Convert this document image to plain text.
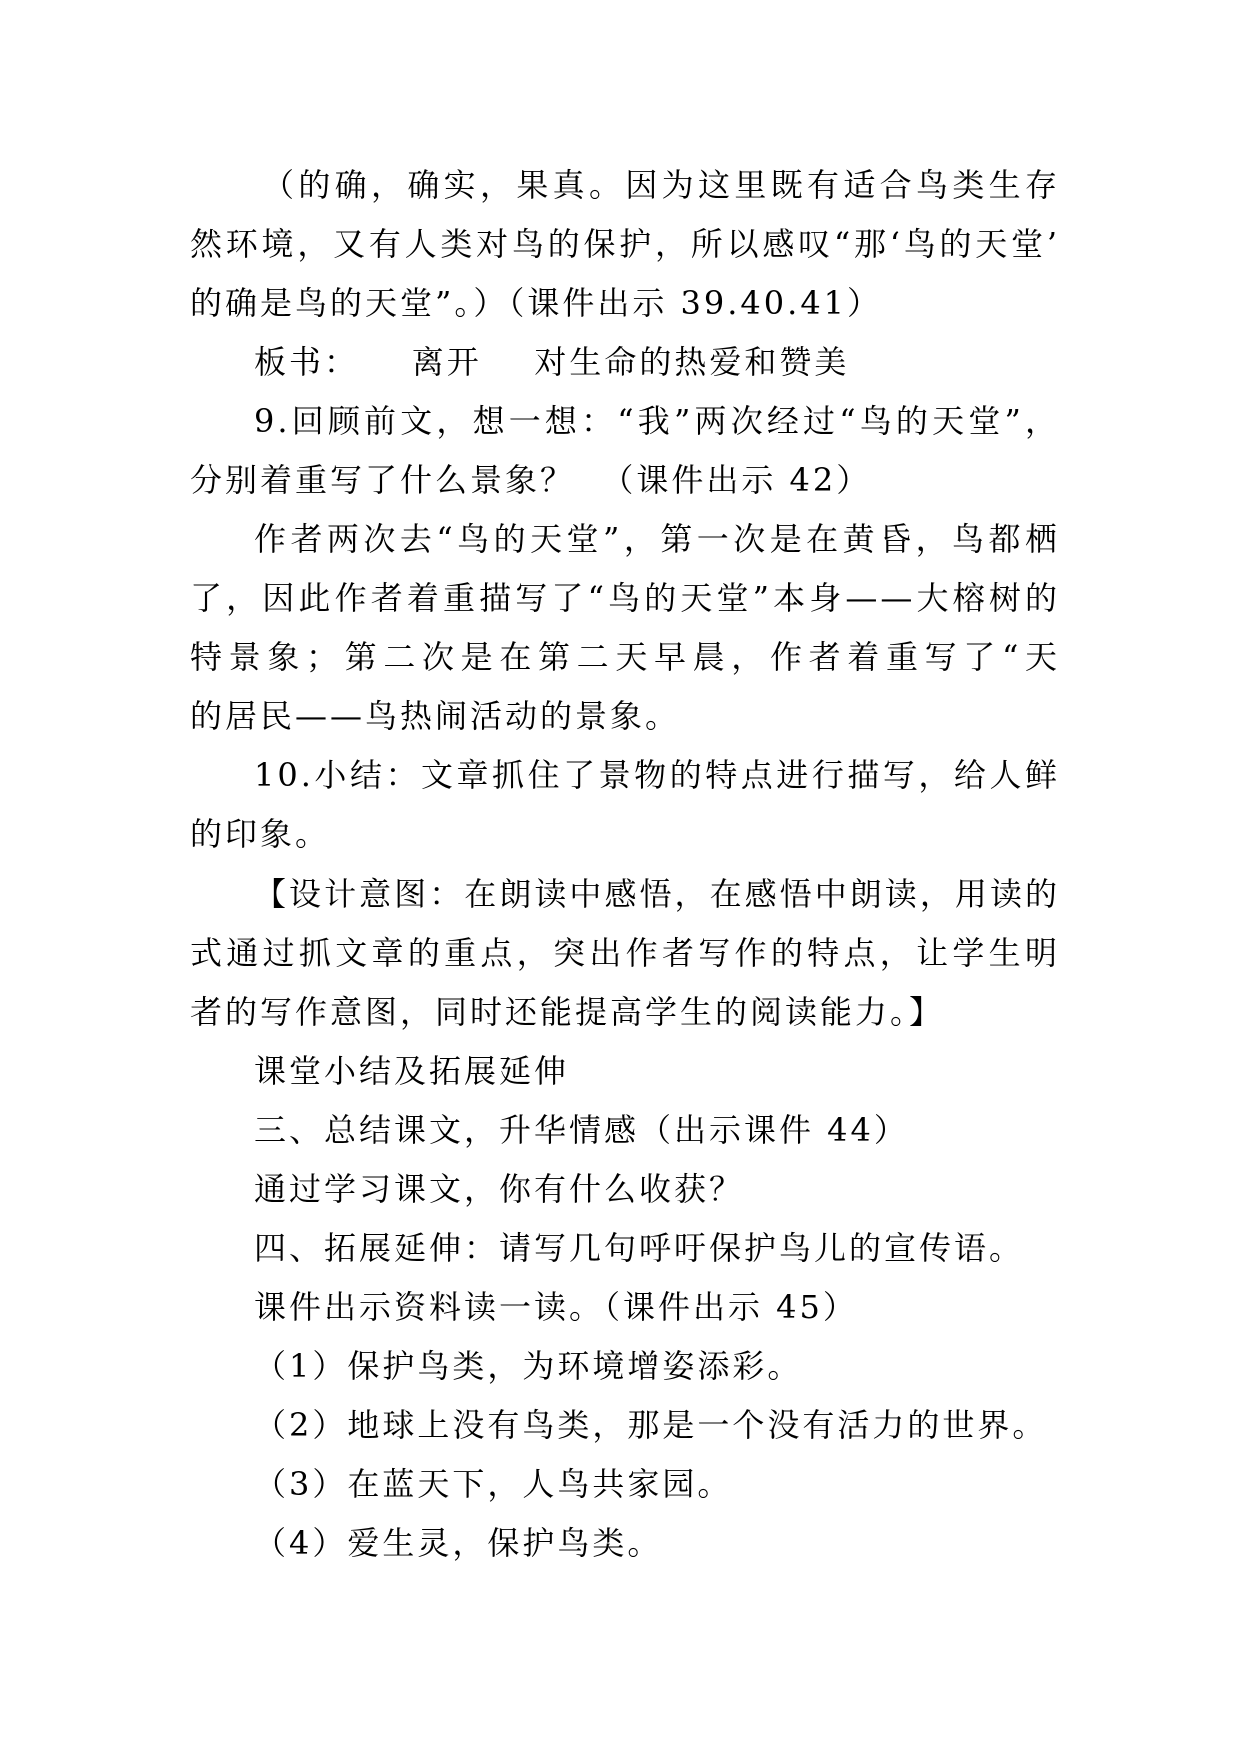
（的确，确实，果真。因为这里既有适合鸟类生存
然环境，又有人类对鸟的保护，所以感叹“那‘鸟的天堂’
的确是鸟的天堂”。）（课件出示 39.40.41）
板书：    离开    对生命的热爱和赞美
9.回顾前文，想一想：“我”两次经过“鸟的天堂”，
分别着重写了什么景象？  （课件出示 42）
作者两次去“鸟的天堂”，第一次是在黄昏，鸟都栖
了，因此作者着重描写了“鸟的天堂”本身——大榕树的
特景象；第二次是在第二天早晨，作者着重写了“天
的居民——鸟热闹活动的景象。
10.小结：文章抓住了景物的特点进行描写，给人鲜
的印象。
【设计意图：在朗读中感悟，在感悟中朗读，用读的
式通过抓文章的重点，突出作者写作的特点，让学生明
者的写作意图，同时还能提高学生的阅读能力。】
课堂小结及拓展延伸
三、总结课文，升华情感（出示课件 44）
通过学习课文，你有什么收获？
四、拓展延伸：请写几句呼吁保护鸟儿的宣传语。
课件出示资料读一读。（课件出示 45）
（1）保护鸟类，为环境增姿添彩。
（2）地球上没有鸟类，那是一个没有活力的世界。
（3）在蓝天下，人鸟共家园。
（4）爱生灵，保护鸟类。
